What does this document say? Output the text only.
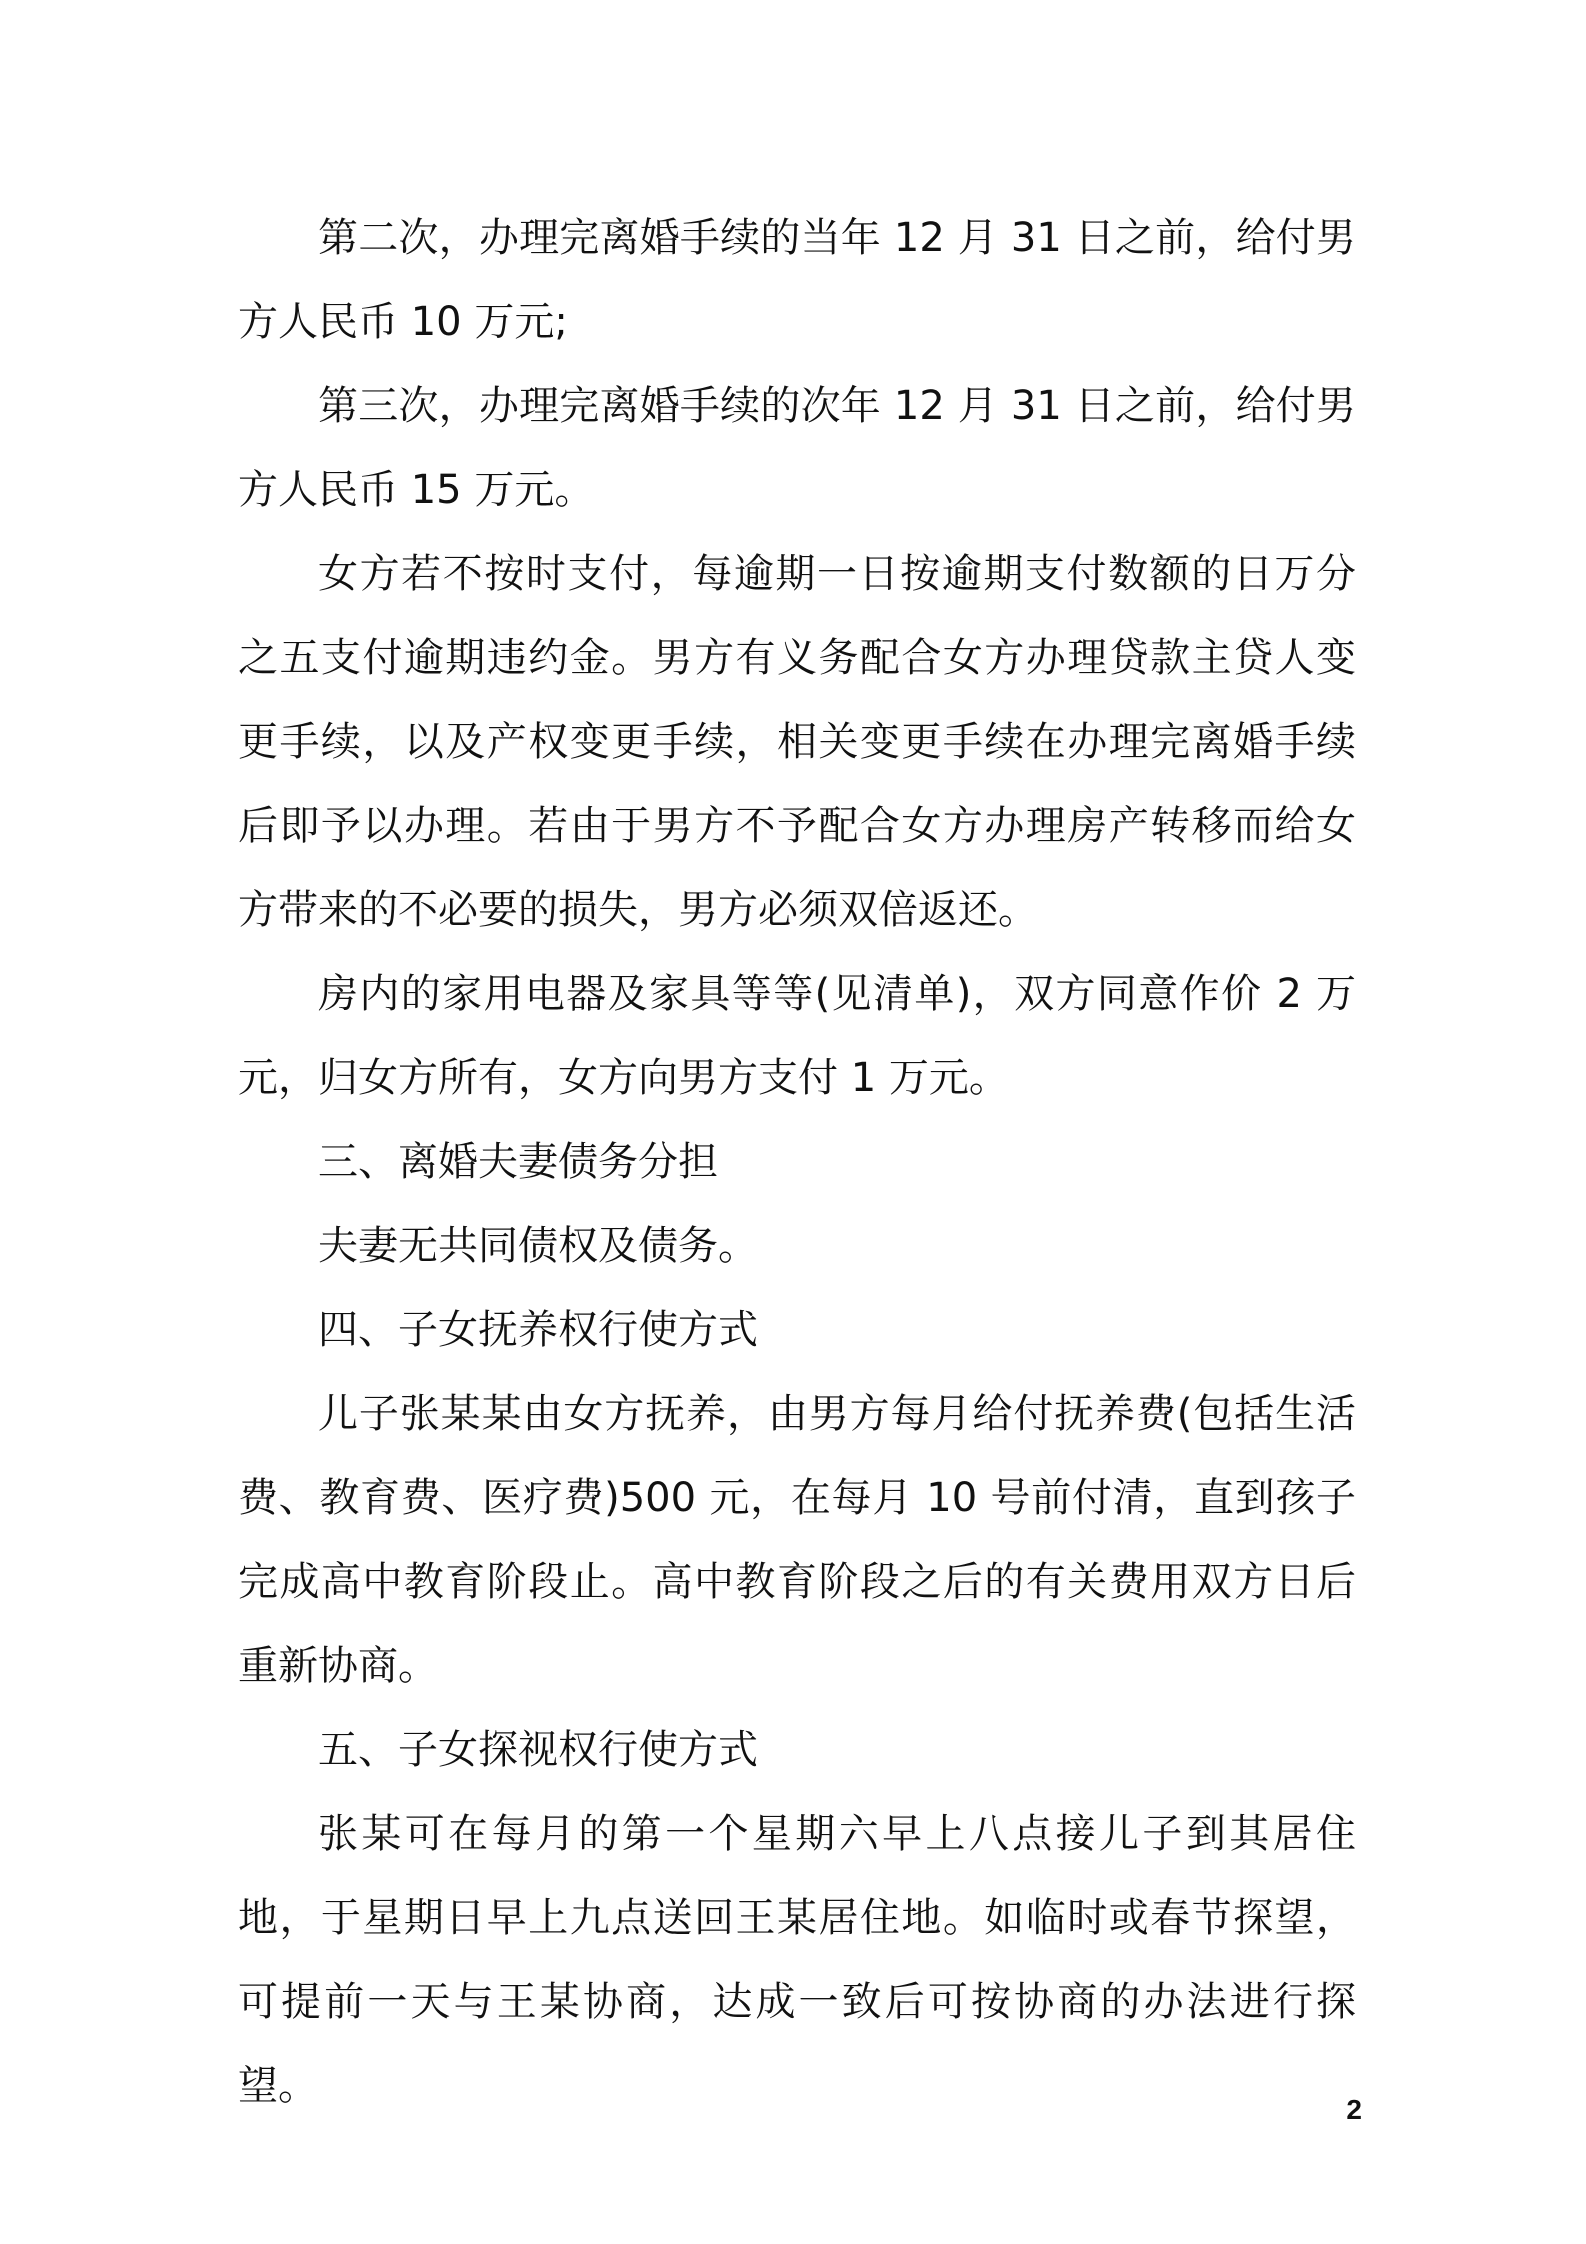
第二次，办理完离婚手续的当年 12 月 31 日之前，给付男方人民币 10 万元;

第三次，办理完离婚手续的次年 12 月 31 日之前，给付男方人民币 15 万元。

女方若不按时支付，每逾期一日按逾期支付数额的日万分之五支付逾期违约金。男方有义务配合女方办理贷款主贷人变更手续，以及产权变更手续，相关变更手续在办理完离婚手续后即予以办理。若由于男方不予配合女方办理房产转移而给女方带来的不必要的损失，男方必须双倍返还。

房内的家用电器及家具等等(见清单)，双方同意作价 2 万元，归女方所有，女方向男方支付 1 万元。

三、离婚夫妻债务分担

夫妻无共同债权及债务。

四、子女抚养权行使方式

儿子张某某由女方抚养，由男方每月给付抚养费(包括生活费、教育费、医疗费)500 元，在每月 10 号前付清，直到孩子完成高中教育阶段止。高中教育阶段之后的有关费用双方日后重新协商。

五、子女探视权行使方式

张某可在每月的第一个星期六早上八点接儿子到其居住地，于星期日早上九点送回王某居住地。如临时或春节探望，可提前一天与王某协商，达成一致后可按协商的办法进行探望。

2
